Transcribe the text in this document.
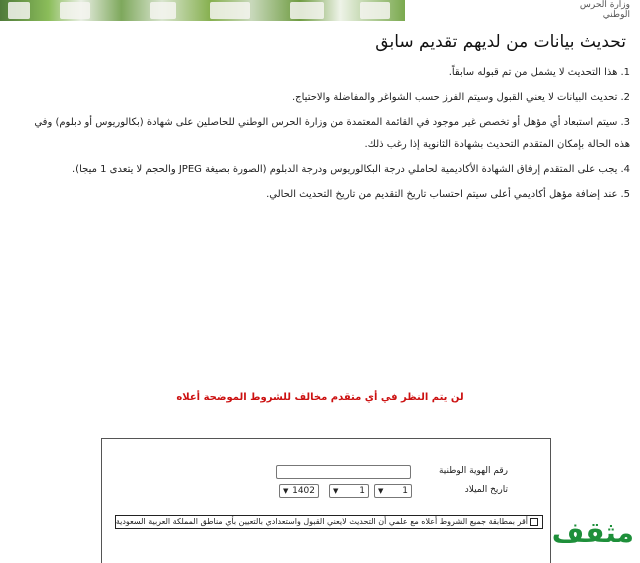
وزارة الحرس الوطني
تحديث بيانات من لديهم تقديم سابق
1.هذا التحديث لا يشمل من تم قبوله سابقاً.
2.تحديث البيانات لا يعني القبول وسيتم الفرز حسب الشواغر والمفاضلة والاحتياج.
3.سيتم استبعاد أي مؤهل أو تخصص غير موجود في القائمة المعتمدة من وزارة الحرس الوطني للحاصلين على شهادة (بكالوريوس أو دبلوم) وفي هذه الحالة بإمكان المتقدم التحديث بشهادة الثانوية إذا رغب ذلك.
4.يجب على المتقدم إرفاق الشهادة الأكاديمية لحاملي درجة البكالوريوس ودرجة الدبلوم (الصورة بصيغة JPEG والحجم لا يتعدى 1 ميجا).
5.عند إضافة مؤهل أكاديمي أعلى سيتم احتساب تاريخ التقديم من تاريخ التحديث الحالي.
لن يتم النظر في أي متقدم مخالف للشروط الموضحة أعلاه
رقم الهوية الوطنية
تاريخ الميلاد
▼ 1
▼ 1
▼ 1402
أقر بمطابقة جميع الشروط أعلاه مع علمي أن التحديث لايعني القبول واستعدادي بالتعيين بأي مناطق المملكة العربية السعودية مثقف
